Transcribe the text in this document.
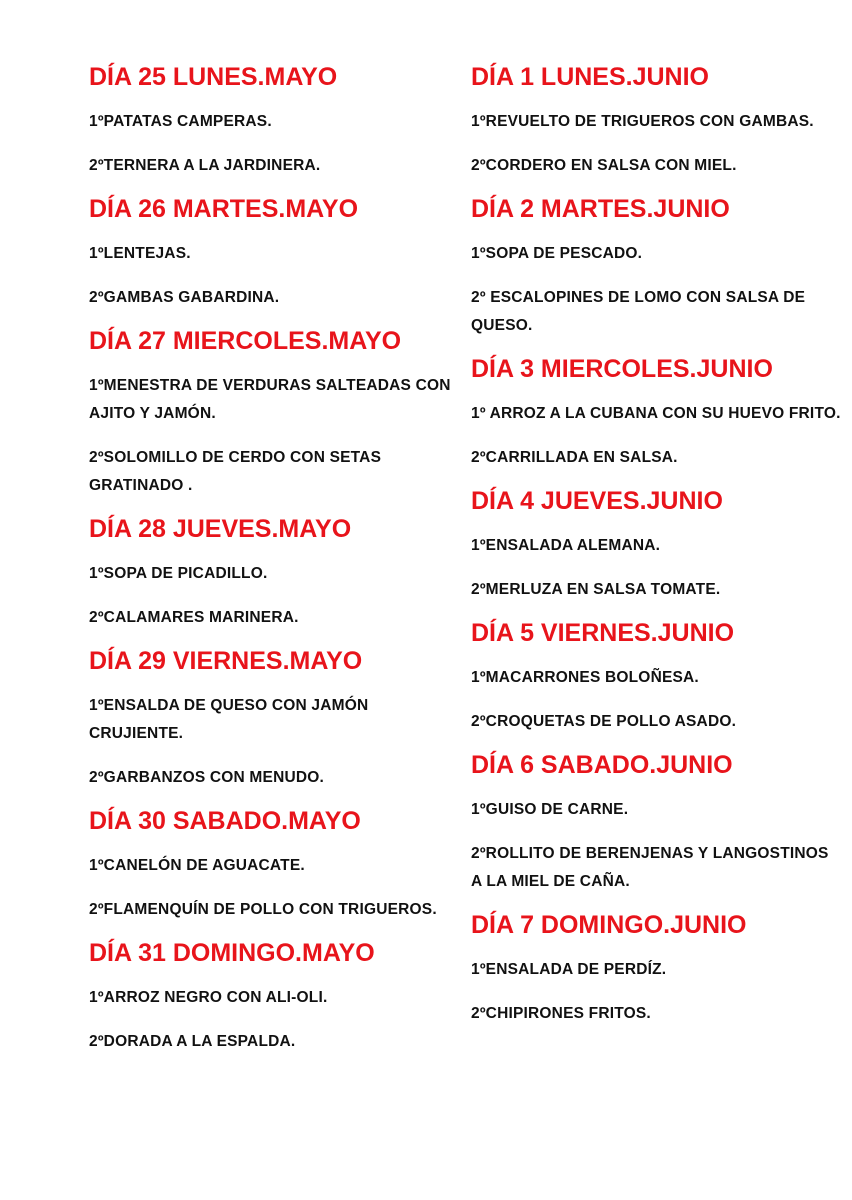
DÍA 25 LUNES.MAYO

1ºPATATAS CAMPERAS.

2ºTERNERA A LA JARDINERA.

DÍA 26 MARTES.MAYO

1ºLENTEJAS.

2ºGAMBAS GABARDINA.

DÍA 27 MIERCOLES.MAYO

1ºMENESTRA DE VERDURAS SALTEADAS CON AJITO Y JAMÓN.

2ºSOLOMILLO DE CERDO CON SETAS GRATINADO .

DÍA 28 JUEVES.MAYO

1ºSOPA DE PICADILLO.

2ºCALAMARES MARINERA.

DÍA 29 VIERNES.MAYO

1ºENSALDA DE QUESO CON JAMÓN CRUJIENTE.

2ºGARBANZOS CON MENUDO.

DÍA 30 SABADO.MAYO

1ºCANELÓN DE AGUACATE.

2ºFLAMENQUÍN DE POLLO CON TRIGUEROS.

DÍA 31 DOMINGO.MAYO

1ºARROZ NEGRO CON ALI-OLI.

2ºDORADA A LA ESPALDA.

DÍA 1 LUNES.JUNIO

1ºREVUELTO DE TRIGUEROS CON GAMBAS.

2ºCORDERO EN SALSA CON MIEL.

DÍA 2 MARTES.JUNIO

1ºSOPA DE PESCADO.

2º ESCALOPINES DE LOMO CON SALSA DE QUESO.

DÍA 3 MIERCOLES.JUNIO

1º ARROZ A LA CUBANA CON SU HUEVO FRITO.

2ºCARRILLADA EN SALSA.

DÍA 4 JUEVES.JUNIO

1ºENSALADA ALEMANA.

2ºMERLUZA EN SALSA TOMATE.

DÍA 5 VIERNES.JUNIO

1ºMACARRONES BOLOÑESA.

2ºCROQUETAS DE POLLO ASADO.

DÍA 6 SABADO.JUNIO

1ºGUISO DE CARNE.

2ºROLLITO DE BERENJENAS Y LANGOSTINOS A LA MIEL DE CAÑA.

DÍA 7 DOMINGO.JUNIO

1ºENSALADA DE PERDÍZ.

2ºCHIPIRONES FRITOS.
